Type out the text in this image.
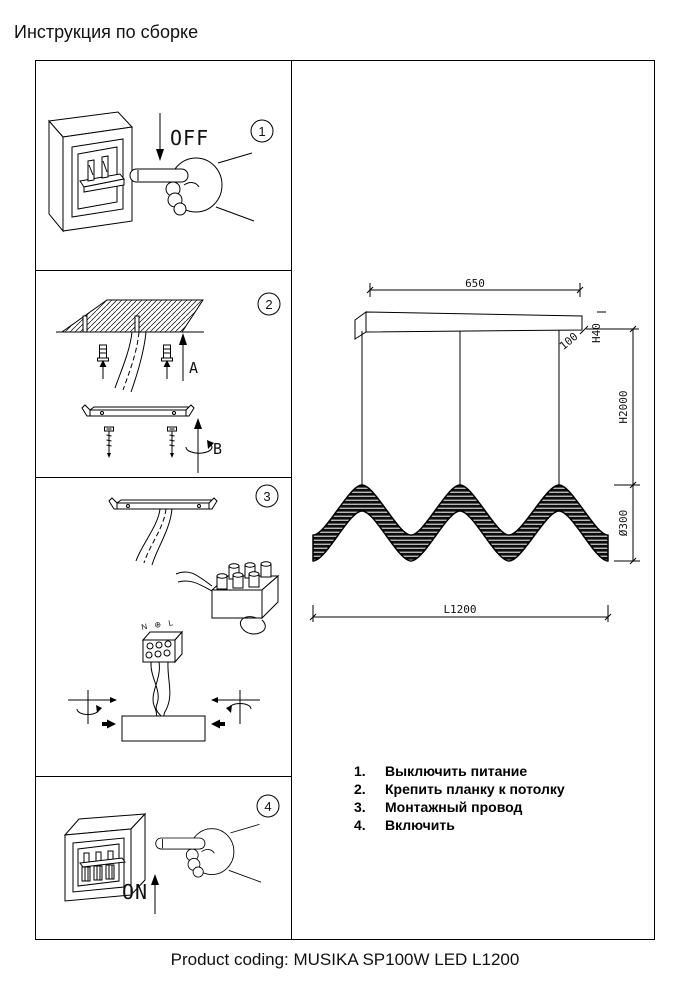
Инструкция по сборке
OFF	1
A
B
2
N ⊕ L
3
ON
4
650
100 H40
H2000
Ø300
L1200
1.	Выключить питание
2.	Крепить планку к потолку
3.	Монтажный провод
4.	Включить
Product coding: MUSIKA SP100W LED L1200
